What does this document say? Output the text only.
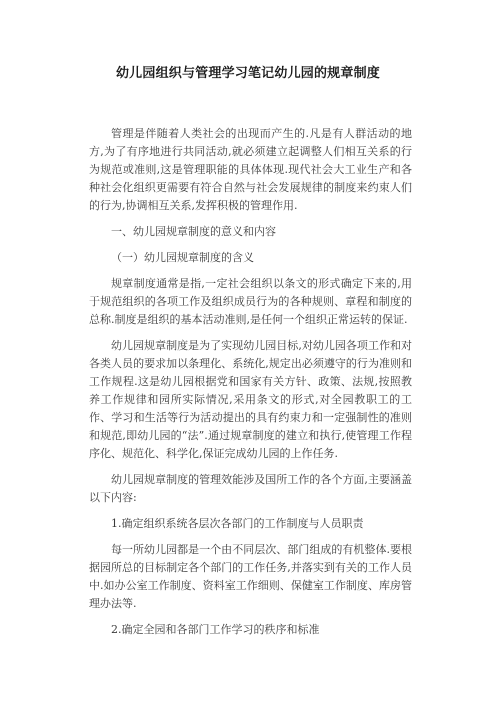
幼儿园组织与管理学习笔记幼儿园的规章制度

管理是伴随着人类社会的出现而产生的.凡是有人群活动的地方,为了有序地进行共同活动,就必须建立起调整人们相互关系的行为规范或准则,这是管理职能的具体体现.现代社会大工业生产和各种社会化组织更需要有符合自然与社会发展规律的制度来约束人们的行为,协调相互关系,发挥积极的管理作用.

一、幼儿园规章制度的意义和内容

（一）幼儿园规章制度的含义

规章制度通常是指,一定社会组织以条文的形式确定下来的,用于规范组织的各项工作及组织成员行为的各种规则、章程和制度的总称.制度是组织的基本活动准则,是任何一个组织正常运转的保证.

幼儿园规章制度是为了实现幼儿园目标,对幼儿园各项工作和对各类人员的要求加以条理化、系统化,规定出必须遵守的行为准则和工作规程.这是幼儿园根据党和国家有关方针、政策、法规,按照教养工作规律和园所实际情况,采用条文的形式,对全园教职工的工作、学习和生活等行为活动提出的具有约束力和一定强制性的准则和规范,即幼儿园的“法”.通过规章制度的建立和执行,使管理工作程序化、规范化、科学化,保证完成幼儿园的上作任务.

幼儿园规章制度的管理效能涉及国所工作的各个方面,主要涵盖以下内容:

1.确定组织系统各层次各部门的工作制度与人员职责

每一所幼儿园都是一个由不同层次、部门组成的有机整体.要根据园所总的目标制定各个部门的工作任务,并落实到有关的工作人员中.如办公室工作制度、资料室工作细则、保健室工作制度、库房管理办法等.

2.确定全园和各部门工作学习的秩序和标准
